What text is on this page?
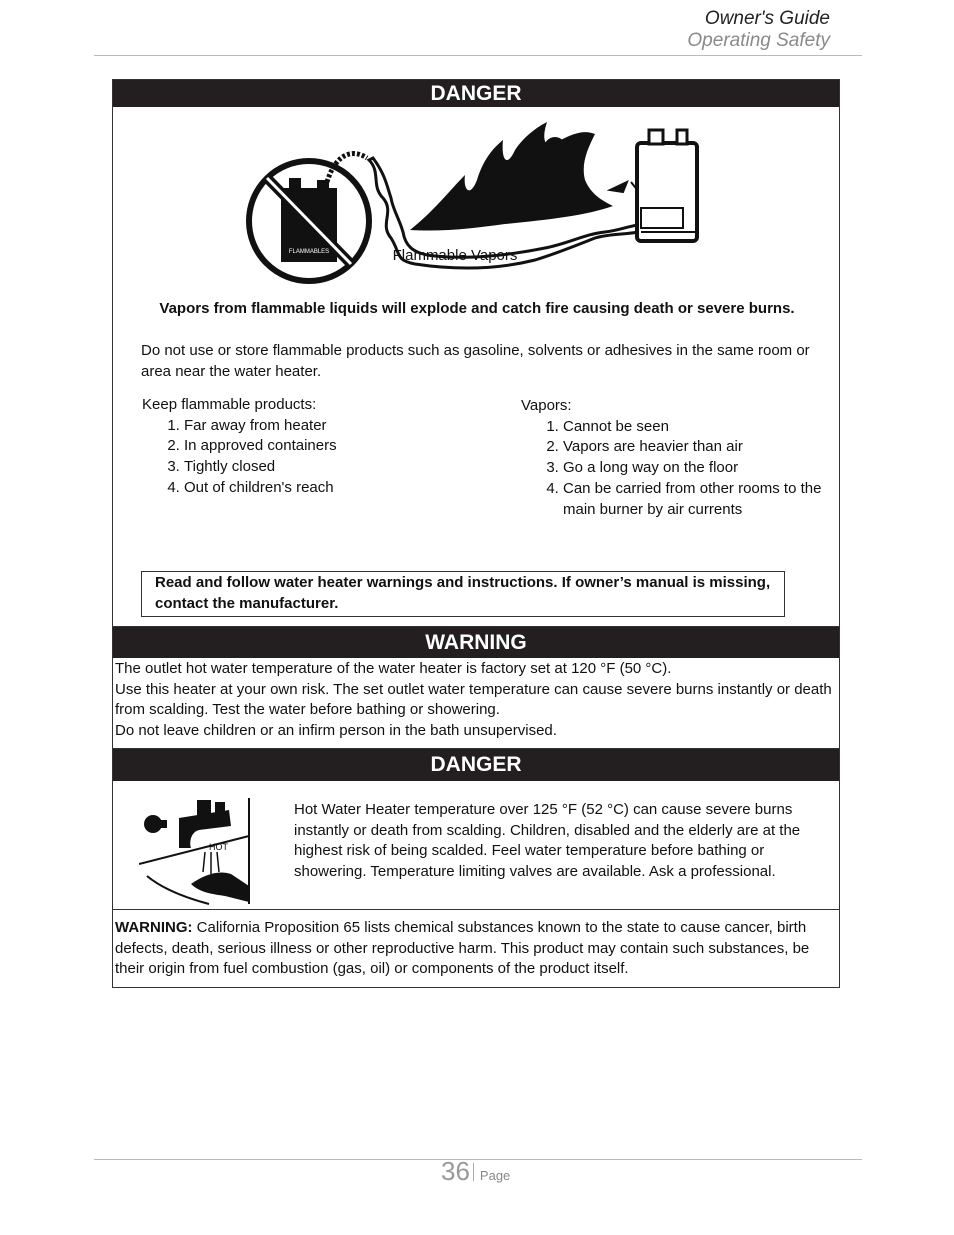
Owner's Guide
Operating Safety
DANGER
FLAMMABLES	Flammable Vapors
Vapors from flammable liquids will explode and catch fire causing death or severe burns.
Do not use or store flammable products such as gasoline, solvents or adhesives in the same room or area near the water heater.
Keep flammable products:
1. Far away from heater
2. In approved containers
3. Tightly closed
4. Out of children's reach
Vapors:
1. Cannot be seen
2. Vapors are heavier than air
3. Go a long way on the floor
4. Can be carried from other rooms to the main burner by air currents
Read and follow water heater warnings and instructions. If owner’s manual is missing, contact the manufacturer.
WARNING
The outlet hot water temperature of the water heater is factory set at 120 °F (50 °C).
Use this heater at your own risk. The set outlet water temperature can cause severe burns instantly or death from scalding. Test the water before bathing or showering.
Do not leave children or an infirm person in the bath unsupervised.
DANGER
HOT
Hot Water Heater temperature over 125 °F (52 °C) can cause severe burns instantly or death from scalding. Children, disabled and the elderly are at the highest risk of being scalded. Feel water temperature before bathing or showering. Temperature limiting valves are available. Ask a professional.
WARNING: California Proposition 65 lists chemical substances known to the state to cause cancer, birth defects, death, serious illness or other reproductive harm. This product may contain such substances, be their origin from fuel combustion (gas, oil) or components of the product itself.
36 Page
